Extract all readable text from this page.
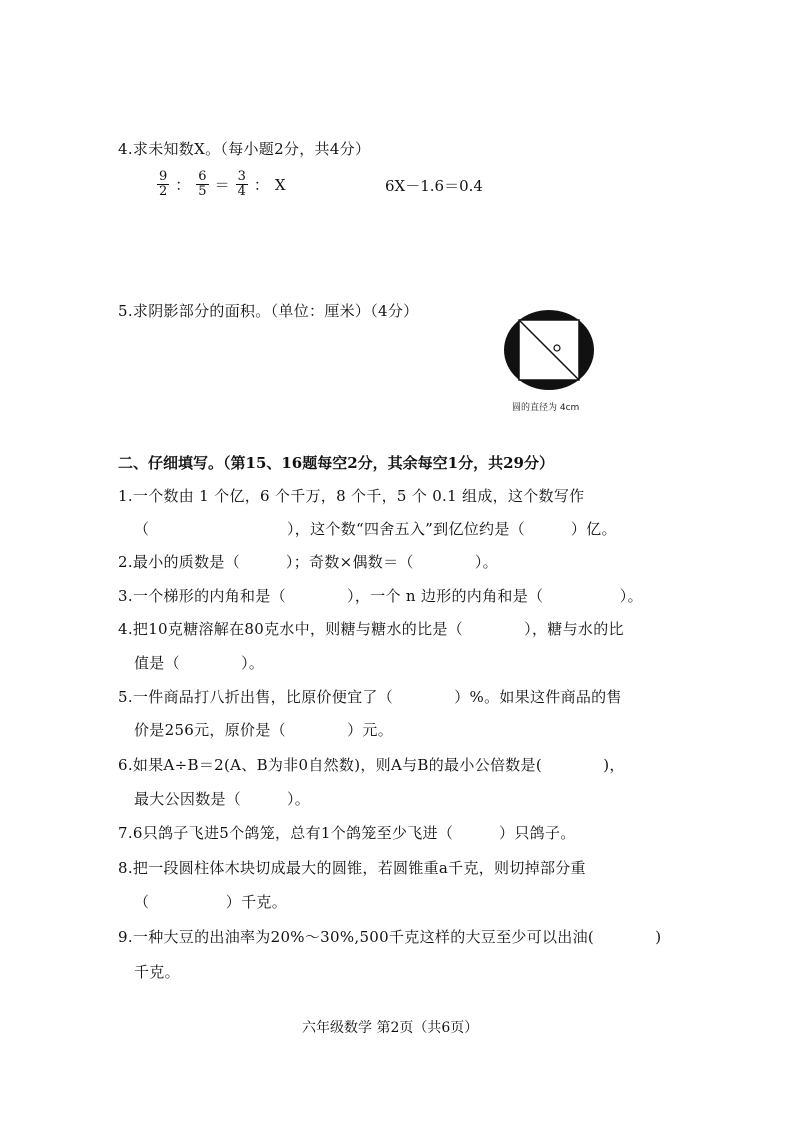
4.求未知数X。（每小题2分，共4分）
$\frac{9}{2}$ ： $\frac{6}{5} = \frac{3}{4}$ ： X	6X－1.6＝0.4
5.求阴影部分的面积。（单位：厘米）（4分）
圆的直径为 4cm
二、仔细填写。（第15、16题每空2分，其余每空1分，共29分）
1.一个数由 1 个亿，6 个千万，8 个千，5 个 0.1 组成，这个数写作
（　　　　　　　　　），这个数“四舍五入”到亿位约是（　　　）亿。
2.最小的质数是（　　　）；奇数×偶数＝（　　　　）。
3.一个梯形的内角和是（　　　　），一个 n 边形的内角和是（　　　　　）。
4.把10克糖溶解在80克水中，则糖与糖水的比是（　　　　），糖与水的比
值是（　　　　）。
5.一件商品打八折出售，比原价便宜了（　　　　）%。如果这件商品的售
价是256元，原价是（　　　　）元。
6.如果A÷B＝2(A、B为非0自然数)，则A与B的最小公倍数是(　　　　)，
最大公因数是（　　　）。
7.6只鸽子飞进5个鸽笼，总有1个鸽笼至少飞进（　　　）只鸽子。
8.把一段圆柱体木块切成最大的圆锥，若圆锥重a千克，则切掉部分重
（　　　　　）千克。
9.一种大豆的出油率为20%～30%,500千克这样的大豆至少可以出油(　　　　)
千克。
六年级数学 第2页（共6页）
